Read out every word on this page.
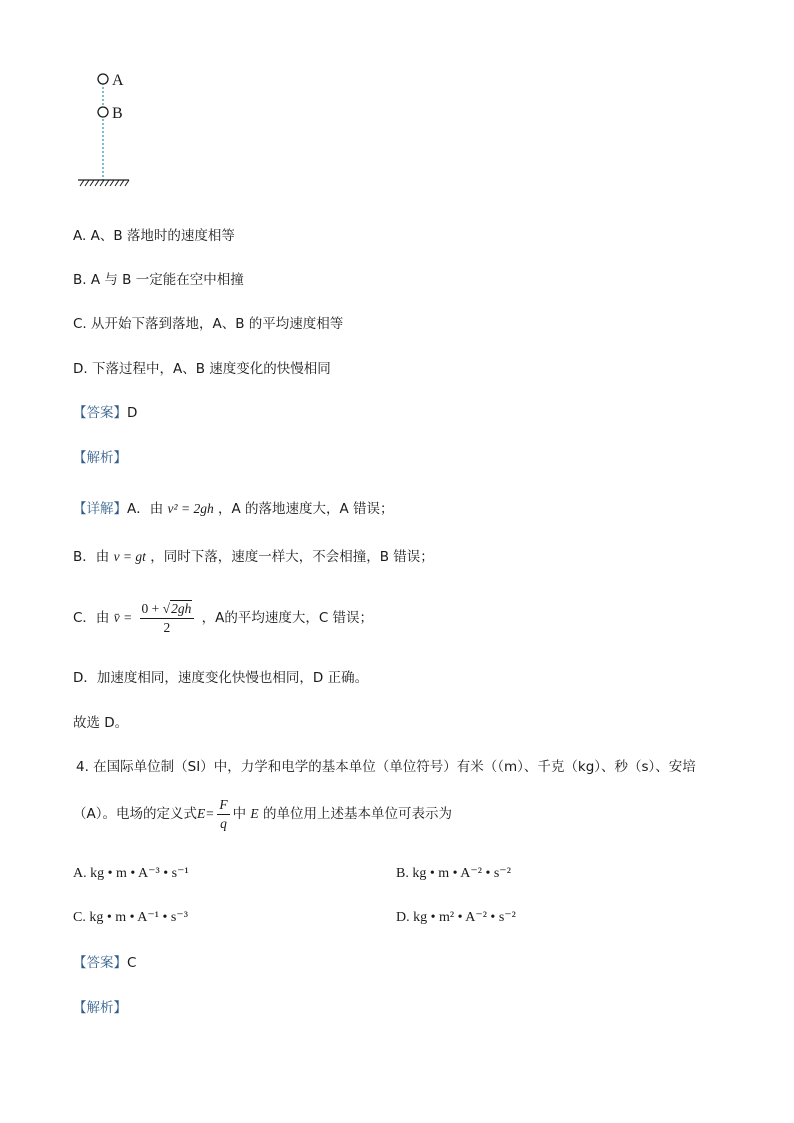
A
B
A. A、B 落地时的速度相等
B. A 与 B 一定能在空中相撞
C. 从开始下落到落地，A、B 的平均速度相等
D. 下落过程中，A、B 速度变化的快慢相同
【答案】D
【解析】
【详解】A．由 v² = 2gh ，A 的落地速度大，A 错误；
B．由 v = gt ，同时下落，速度一样大，不会相撞，B 错误；
C．由 v̄ = $\frac{0 + √2gh}{2}$ ，A的平均速度大，C 错误；
D．加速度相同，速度变化快慢也相同，D 正确。
故选 D。
4. 在国际单位制（SI）中，力学和电学的基本单位（单位符号）有米（（m）、千克（kg）、秒（s）、安培
（A）。电场的定义式$E= \frac{F}{q}$ 中 E 的单位用上述基本单位可表示为
A. kg • m • A⁻³ • s⁻¹	B. kg • m • A⁻² • s⁻²
C. kg • m • A⁻¹ • s⁻³	D. kg • m² • A⁻² • s⁻²
【答案】C
【解析】
